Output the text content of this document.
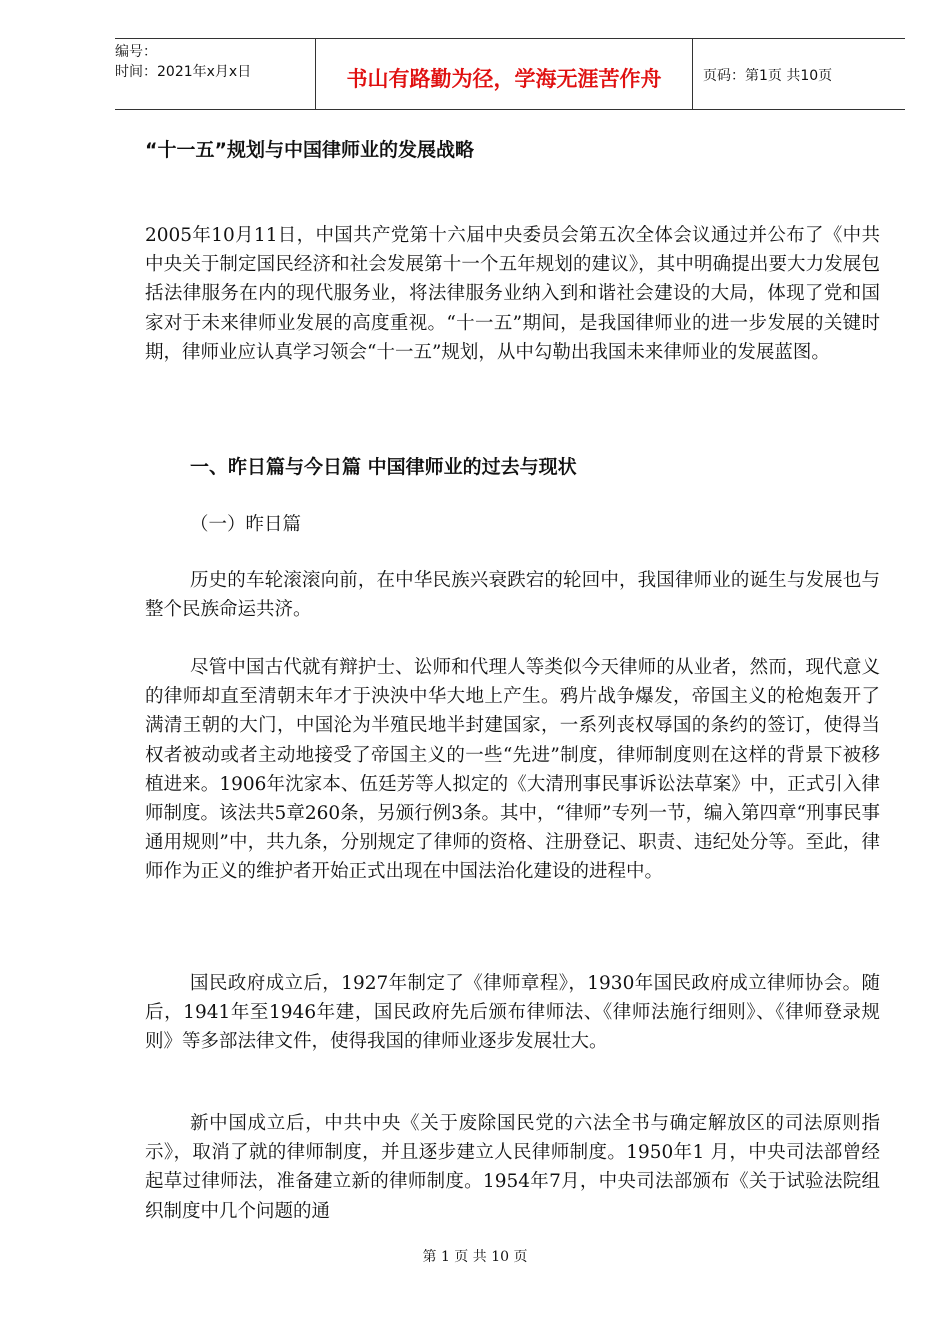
编号：
时间：2021年x月x日	书山有路勤为径，学海无涯苦作舟	页码：第1页 共10页
“十一五”规划与中国律师业的发展战略

2005年10月11日，中国共产党第十六届中央委员会第五次全体会议通过并公布了《中共中央关于制定国民经济和社会发展第十一个五年规划的建议》，其中明确提出要大力发展包括法律服务在内的现代服务业，将法律服务业纳入到和谐社会建设的大局，体现了党和国家对于未来律师业发展的高度重视。“十一五”期间，是我国律师业的进一步发展的关键时期，律师业应认真学习领会“十一五”规划，从中勾勒出我国未来律师业的发展蓝图。

一、昨日篇与今日篇 中国律师业的过去与现状
（一）昨日篇

历史的车轮滚滚向前，在中华民族兴衰跌宕的轮回中，我国律师业的诞生与发展也与整个民族命运共济。

尽管中国古代就有辩护士、讼师和代理人等类似今天律师的从业者，然而，现代意义的律师却直至清朝末年才于泱泱中华大地上产生。鸦片战争爆发，帝国主义的枪炮轰开了满清王朝的大门，中国沦为半殖民地半封建国家，一系列丧权辱国的条约的签订，使得当权者被动或者主动地接受了帝国主义的一些“先进”制度，律师制度则在这样的背景下被移植进来。1906年沈家本、伍廷芳等人拟定的《大清刑事民事诉讼法草案》中，正式引入律师制度。该法共5章260条，另颁行例3条。其中，“律师”专列一节，编入第四章“刑事民事通用规则”中，共九条，分别规定了律师的资格、注册登记、职责、违纪处分等。至此，律师作为正义的维护者开始正式出现在中国法治化建设的进程中。

国民政府成立后，1927年制定了《律师章程》，1930年国民政府成立律师协会。随后，1941年至1946年建，国民政府先后颁布律师法、《律师法施行细则》、《律师登录规则》等多部法律文件，使得我国的律师业逐步发展壮大。

新中国成立后，中共中央《关于废除国民党的六法全书与确定解放区的司法原则指示》，取消了就的律师制度，并且逐步建立人民律师制度。1950年1 月，中央司法部曾经起草过律师法，准备建立新的律师制度。1954年7月，中央司法部颁布《关于试验法院组织制度中几个问题的通

第 1 页 共 10 页
